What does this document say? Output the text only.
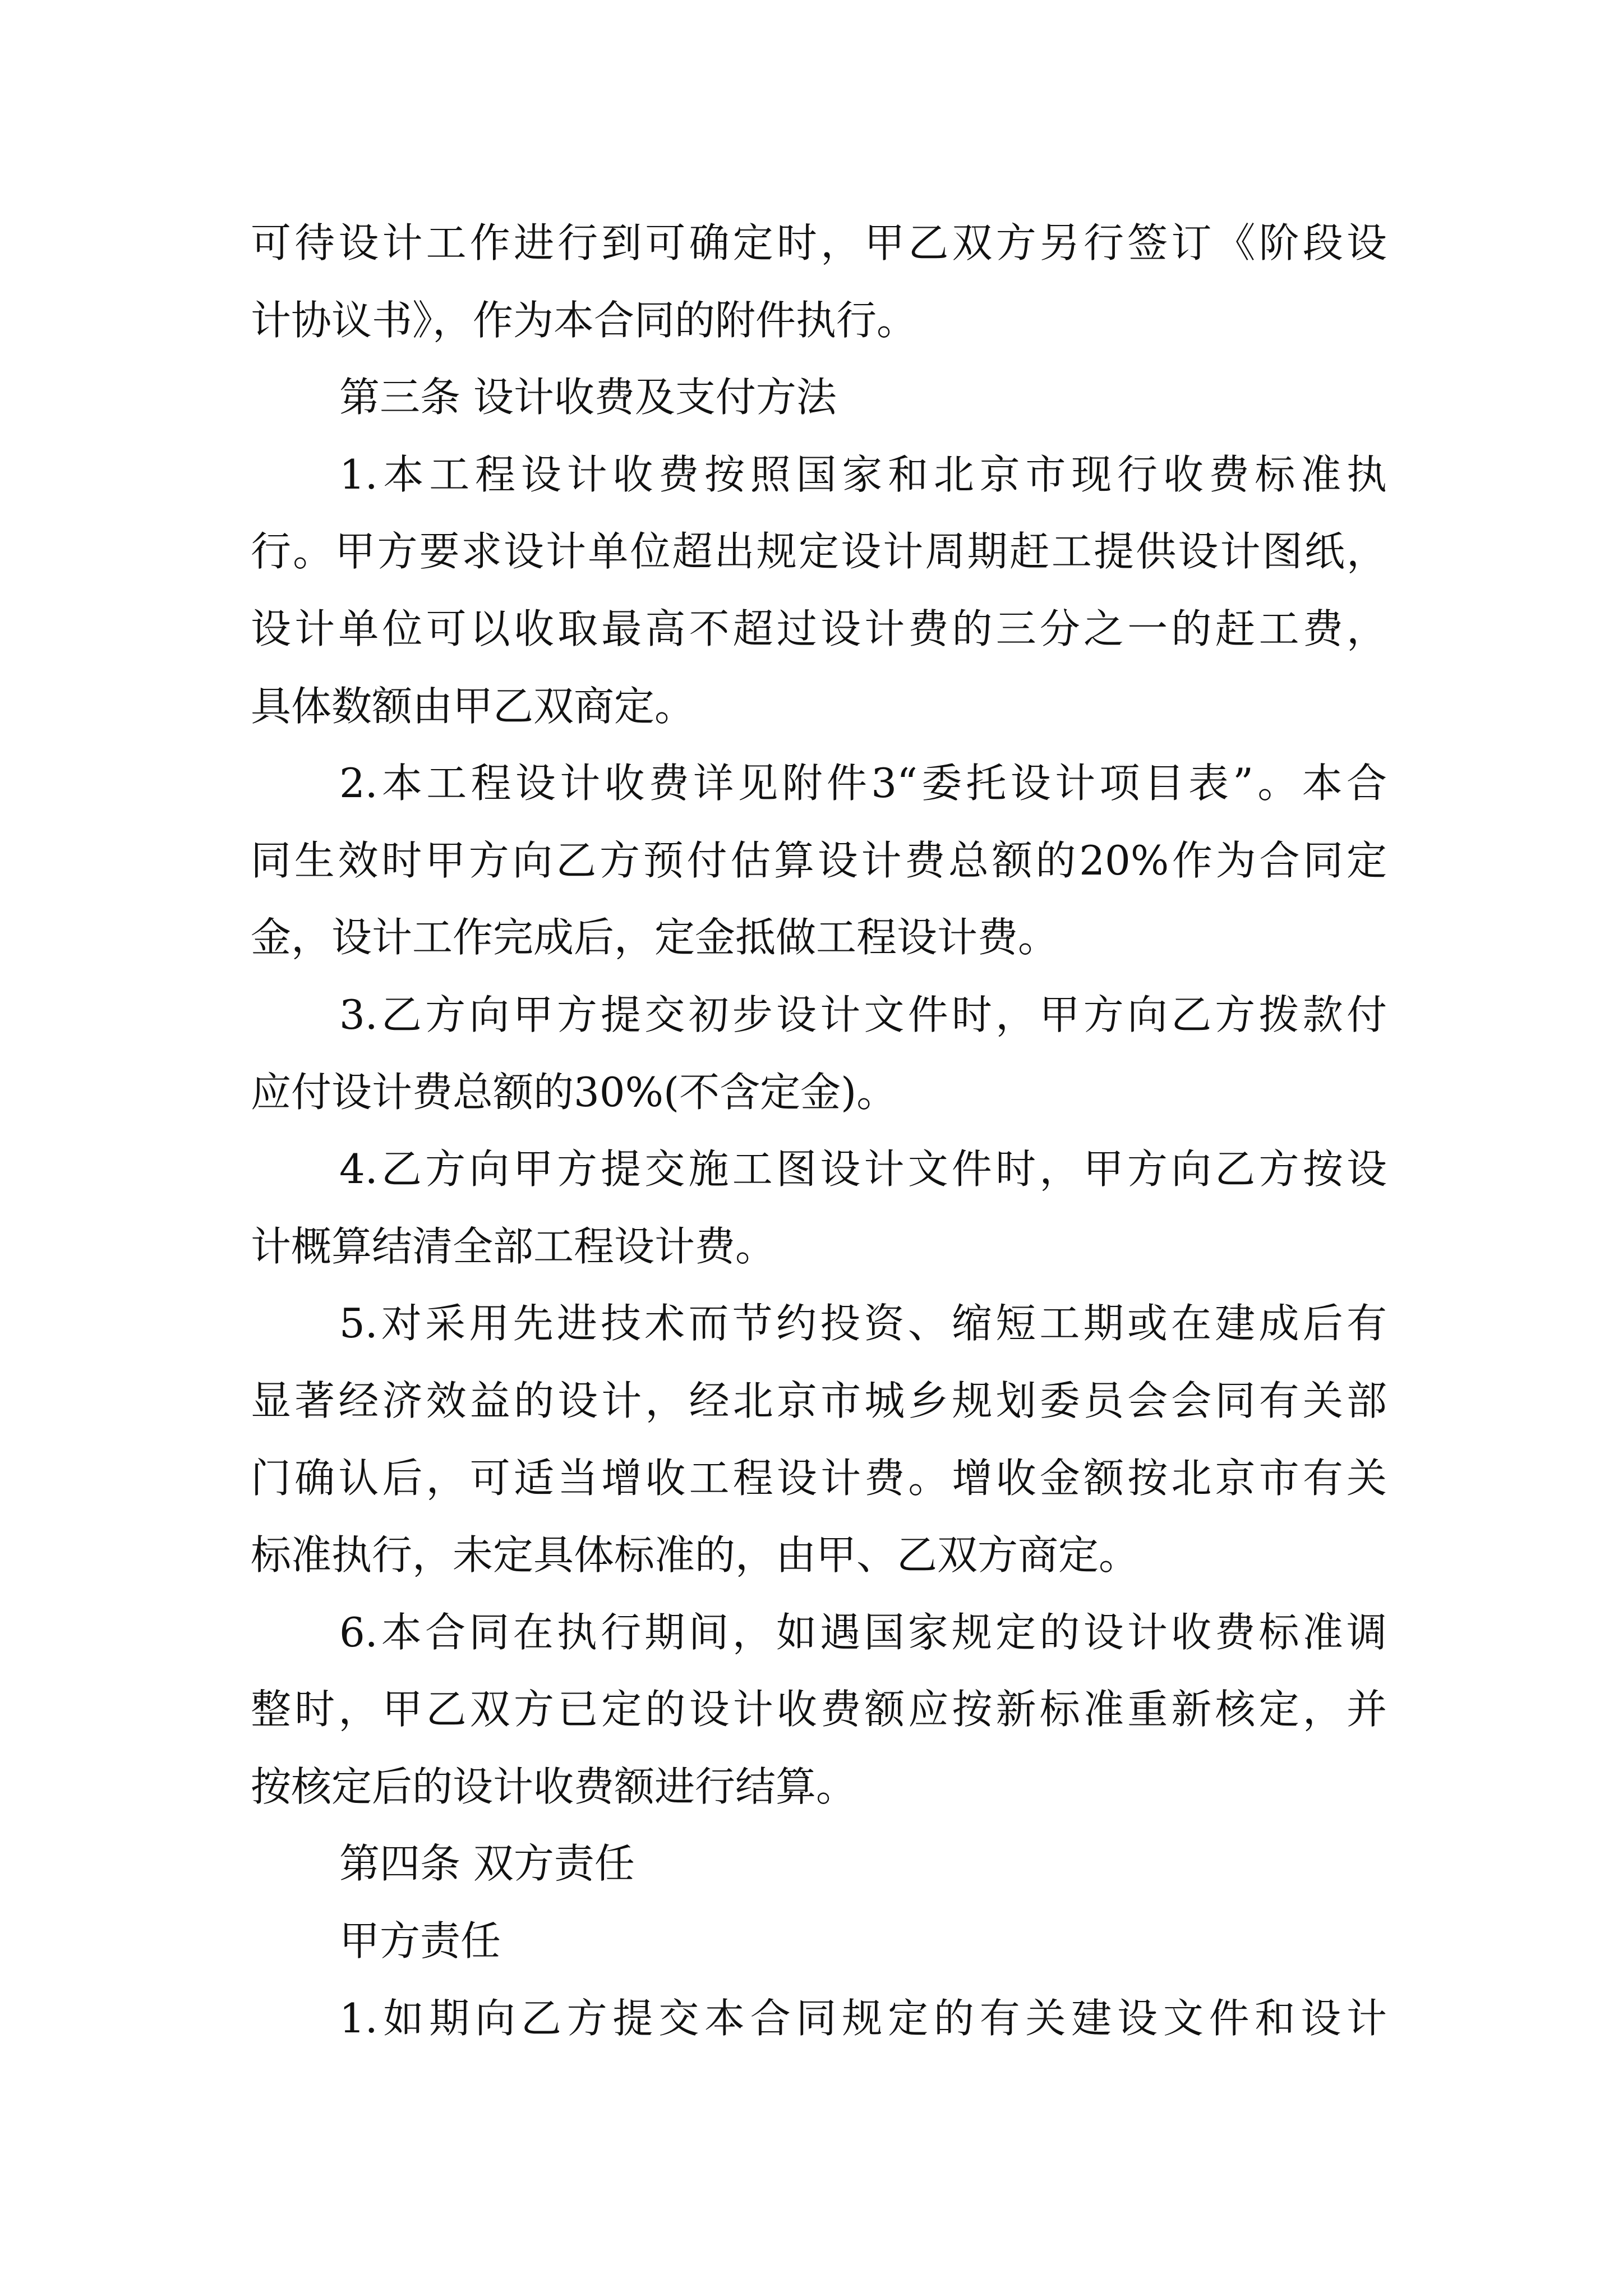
可待设计工作进行到可确定时，甲乙双方另行签订《阶段设
计协议书》，作为本合同的附件执行。
第三条 设计收费及支付方法
1.本工程设计收费按照国家和北京市现行收费标准执
行。甲方要求设计单位超出规定设计周期赶工提供设计图纸，
设计单位可以收取最高不超过设计费的三分之一的赶工费，
具体数额由甲乙双商定。
2.本工程设计收费详见附件3“委托设计项目表”。本合
同生效时甲方向乙方预付估算设计费总额的20%作为合同定
金，设计工作完成后，定金抵做工程设计费。
3.乙方向甲方提交初步设计文件时，甲方向乙方拨款付
应付设计费总额的30%(不含定金)。
4.乙方向甲方提交施工图设计文件时，甲方向乙方按设
计概算结清全部工程设计费。
5.对采用先进技术而节约投资、缩短工期或在建成后有
显著经济效益的设计，经北京市城乡规划委员会会同有关部
门确认后，可适当增收工程设计费。增收金额按北京市有关
标准执行，未定具体标准的，由甲、乙双方商定。
6.本合同在执行期间，如遇国家规定的设计收费标准调
整时，甲乙双方已定的设计收费额应按新标准重新核定，并
按核定后的设计收费额进行结算。
第四条 双方责任
甲方责任
1.如期向乙方提交本合同规定的有关建设文件和设计
